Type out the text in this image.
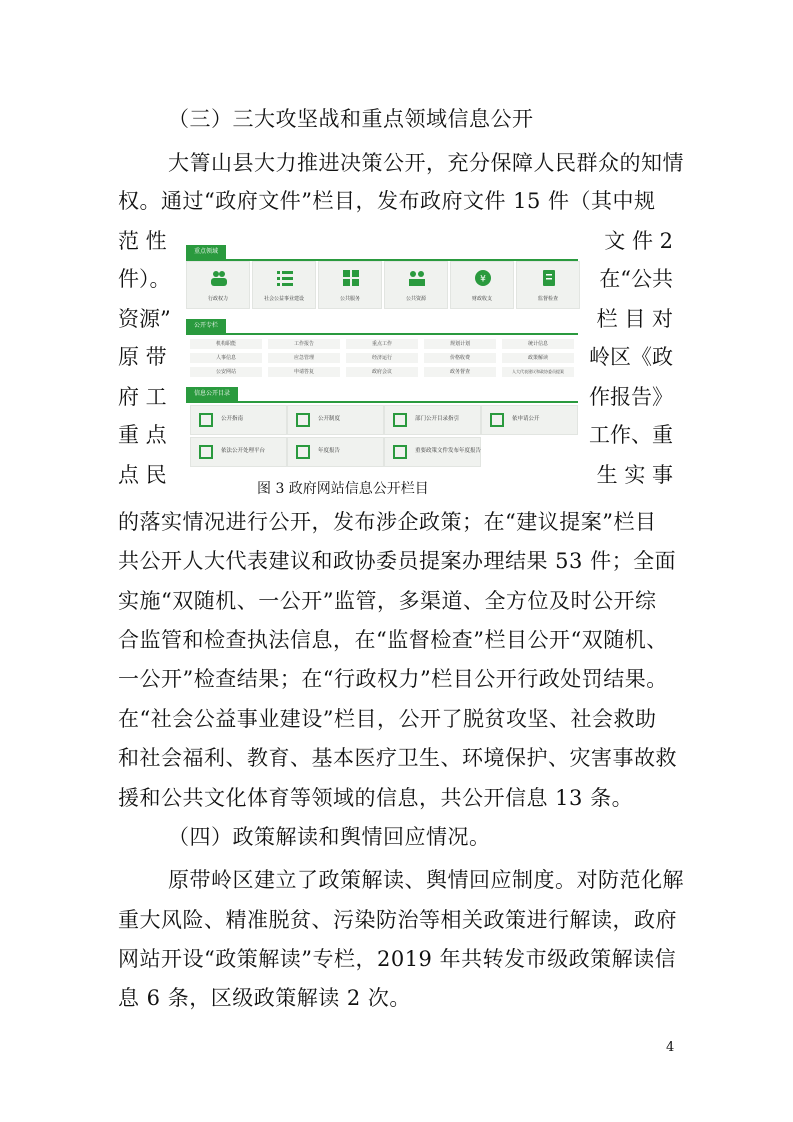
（三）三大攻坚战和重点领域信息公开
大箐山县大力推进决策公开，充分保障人民群众的知情
权。通过“政府文件”栏目，发布政府文件 15 件（其中规
范 性
件）。
资源”
原 带
府 工
重 点
点 民
文 件 2
在“公共
栏 目 对
岭区《政
作报告》
工作、重
生 实 事
重点领域
行政权力	社会公益事业建设	公共服务	公共资源
¥
财政收支	监督检查
公开专栏
机构职能	工作报告	重点工作	规划计划	统计信息
人事信息	应急管理	经济运行	价格收费	政策解读
公安网站	申请答复	政府会议	政务督查	人大代表建议和政协委员提案
信息公开目录
公开指南	公开制度	部门公开目录指引	依申请公开
依法公开处理平台	年度报告	重要政策文件发布年度报告
图 3 政府网站信息公开栏目
的落实情况进行公开，发布涉企政策；在“建议提案”栏目
共公开人大代表建议和政协委员提案办理结果 53 件；全面
实施“双随机、一公开”监管，多渠道、全方位及时公开综
合监管和检查执法信息，在“监督检查”栏目公开“双随机、
一公开”检查结果；在“行政权力”栏目公开行政处罚结果。
在“社会公益事业建设”栏目，公开了脱贫攻坚、社会救助
和社会福利、教育、基本医疗卫生、环境保护、灾害事故救
援和公共文化体育等领域的信息，共公开信息 13 条。
（四）政策解读和舆情回应情况。
原带岭区建立了政策解读、舆情回应制度。对防范化解
重大风险、精准脱贫、污染防治等相关政策进行解读，政府
网站开设“政策解读”专栏，2019 年共转发市级政策解读信
息 6 条，区级政策解读 2 次。
4
